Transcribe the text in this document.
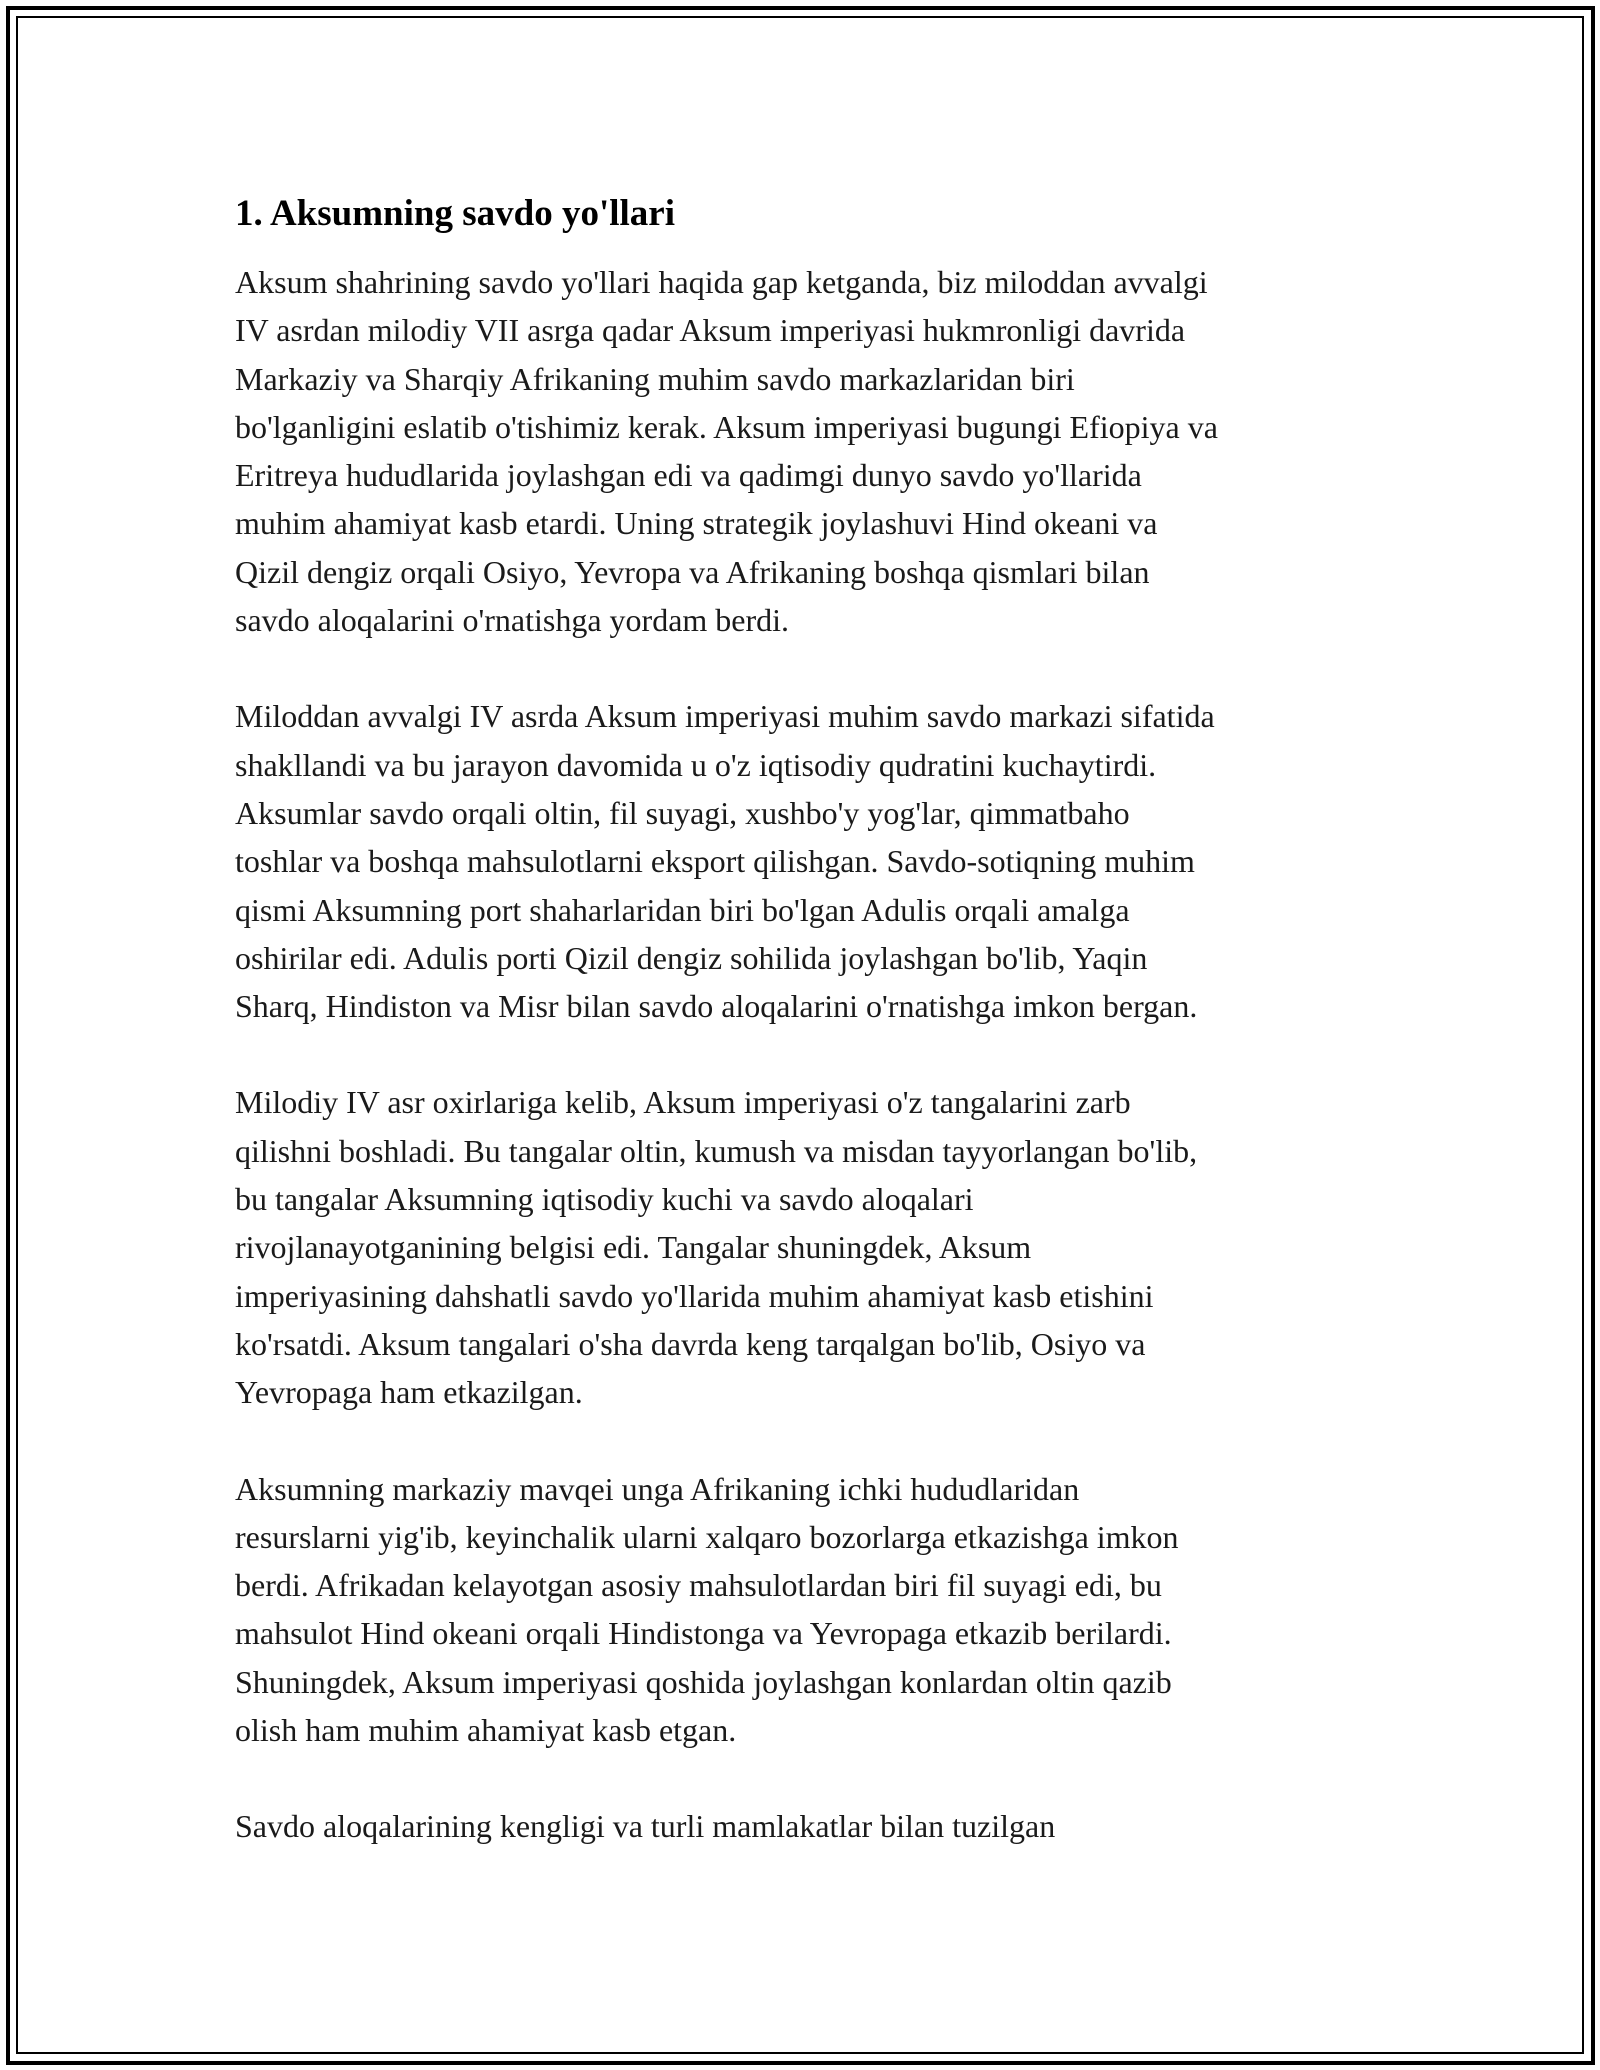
1. Aksumning savdo yo'llari

Aksum shahrining savdo yo'llari haqida gap ketganda, biz miloddan avvalgi
IV asrdan milodiy VII asrga qadar Aksum imperiyasi hukmronligi davrida
Markaziy va Sharqiy Afrikaning muhim savdo markazlaridan biri
bo'lganligini eslatib o'tishimiz kerak. Aksum imperiyasi bugungi Efiopiya va
Eritreya hududlarida joylashgan edi va qadimgi dunyo savdo yo'llarida
muhim ahamiyat kasb etardi. Uning strategik joylashuvi Hind okeani va
Qizil dengiz orqali Osiyo, Yevropa va Afrikaning boshqa qismlari bilan
savdo aloqalarini o'rnatishga yordam berdi.

Miloddan avvalgi IV asrda Aksum imperiyasi muhim savdo markazi sifatida
shakllandi va bu jarayon davomida u o'z iqtisodiy qudratini kuchaytirdi.
Aksumlar savdo orqali oltin, fil suyagi, xushbo'y yog'lar, qimmatbaho
toshlar va boshqa mahsulotlarni eksport qilishgan. Savdo-sotiqning muhim
qismi Aksumning port shaharlaridan biri bo'lgan Adulis orqali amalga
oshirilar edi. Adulis porti Qizil dengiz sohilida joylashgan bo'lib, Yaqin
Sharq, Hindiston va Misr bilan savdo aloqalarini o'rnatishga imkon bergan.

Milodiy IV asr oxirlariga kelib, Aksum imperiyasi o'z tangalarini zarb
qilishni boshladi. Bu tangalar oltin, kumush va misdan tayyorlangan bo'lib,
bu tangalar Aksumning iqtisodiy kuchi va savdo aloqalari
rivojlanayotganining belgisi edi. Tangalar shuningdek, Aksum
imperiyasining dahshatli savdo yo'llarida muhim ahamiyat kasb etishini
ko'rsatdi. Aksum tangalari o'sha davrda keng tarqalgan bo'lib, Osiyo va
Yevropaga ham etkazilgan.

Aksumning markaziy mavqei unga Afrikaning ichki hududlaridan
resurslarni yig'ib, keyinchalik ularni xalqaro bozorlarga etkazishga imkon
berdi. Afrikadan kelayotgan asosiy mahsulotlardan biri fil suyagi edi, bu
mahsulot Hind okeani orqali Hindistonga va Yevropaga etkazib berilardi.
Shuningdek, Aksum imperiyasi qoshida joylashgan konlardan oltin qazib
olish ham muhim ahamiyat kasb etgan.

Savdo aloqalarining kengligi va turli mamlakatlar bilan tuzilgan
